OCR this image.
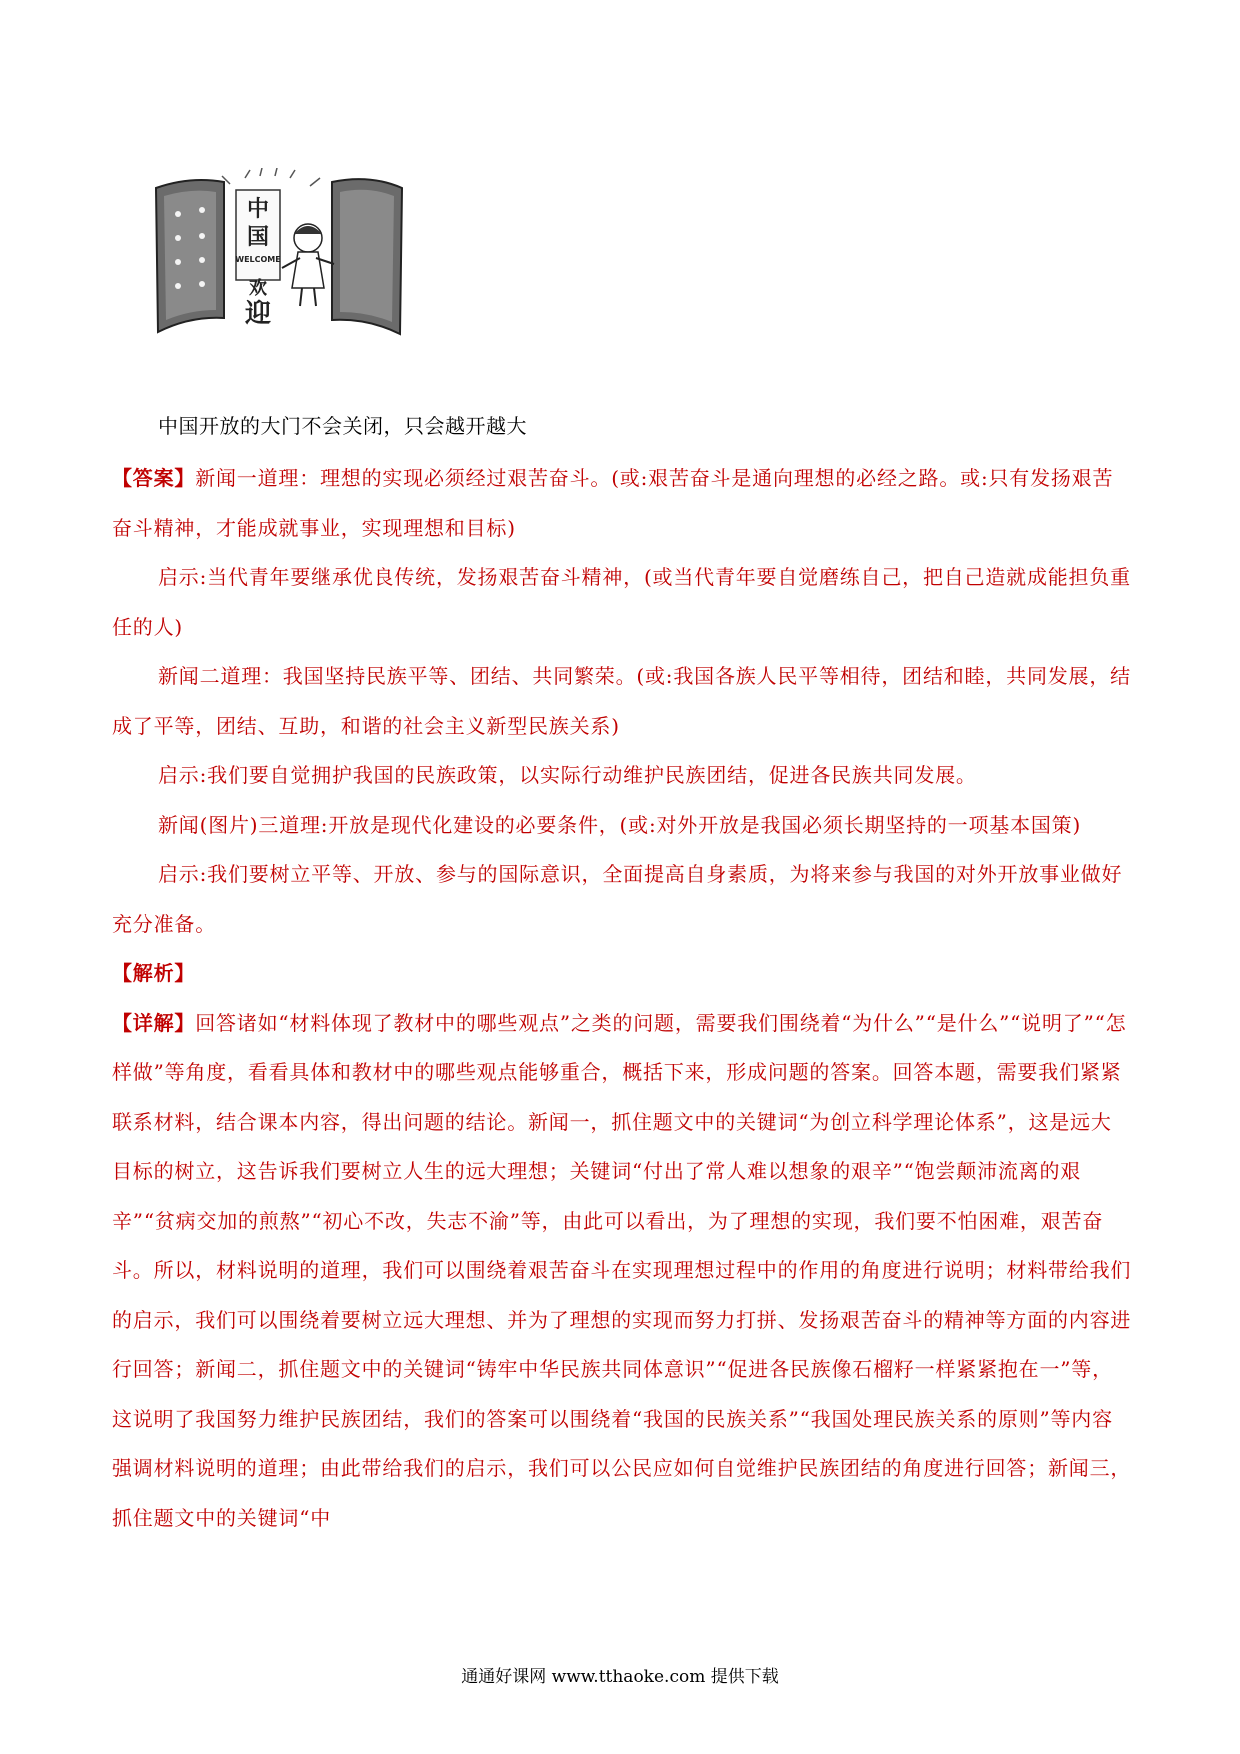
中
国
WELCOME
欢
迎
中国开放的大门不会关闭，只会越开越大

【答案】新闻一道理：理想的实现必须经过艰苦奋斗。(或:艰苦奋斗是通向理想的必经之路。或:只有发扬艰苦奋斗精神，才能成就事业，实现理想和目标)

启示:当代青年要继承优良传统，发扬艰苦奋斗精神，(或当代青年要自觉磨练自己，把自己造就成能担负重任的人)

新闻二道理：我国坚持民族平等、团结、共同繁荣。(或:我国各族人民平等相待，团结和睦，共同发展，结成了平等，团结、互助，和谐的社会主义新型民族关系)

启示:我们要自觉拥护我国的民族政策，以实际行动维护民族团结，促进各民族共同发展。

新闻(图片)三道理:开放是现代化建设的必要条件，(或:对外开放是我国必须长期坚持的一项基本国策)

启示:我们要树立平等、开放、参与的国际意识，全面提高自身素质，为将来参与我国的对外开放事业做好充分准备。

【解析】

【详解】回答诸如“材料体现了教材中的哪些观点”之类的问题，需要我们围绕着“为什么”“是什么”“说明了”“怎样做”等角度，看看具体和教材中的哪些观点能够重合，概括下来，形成问题的答案。回答本题，需要我们紧紧联系材料，结合课本内容，得出问题的结论。新闻一，抓住题文中的关键词“为创立科学理论体系”，这是远大目标的树立，这告诉我们要树立人生的远大理想；关键词“付出了常人难以想象的艰辛”“饱尝颠沛流离的艰辛”“贫病交加的煎熬”“初心不改，失志不渝”等，由此可以看出，为了理想的实现，我们要不怕困难，艰苦奋斗。所以，材料说明的道理，我们可以围绕着艰苦奋斗在实现理想过程中的作用的角度进行说明；材料带给我们的启示，我们可以围绕着要树立远大理想、并为了理想的实现而努力打拼、发扬艰苦奋斗的精神等方面的内容进行回答；新闻二，抓住题文中的关键词“铸牢中华民族共同体意识”“促进各民族像石榴籽一样紧紧抱在一”等，这说明了我国努力维护民族团结，我们的答案可以围绕着“我国的民族关系”“我国处理民族关系的原则”等内容强调材料说明的道理；由此带给我们的启示，我们可以公民应如何自觉维护民族团结的角度进行回答；新闻三，抓住题文中的关键词“中

通通好课网 www.tthaoke.com 提供下载
